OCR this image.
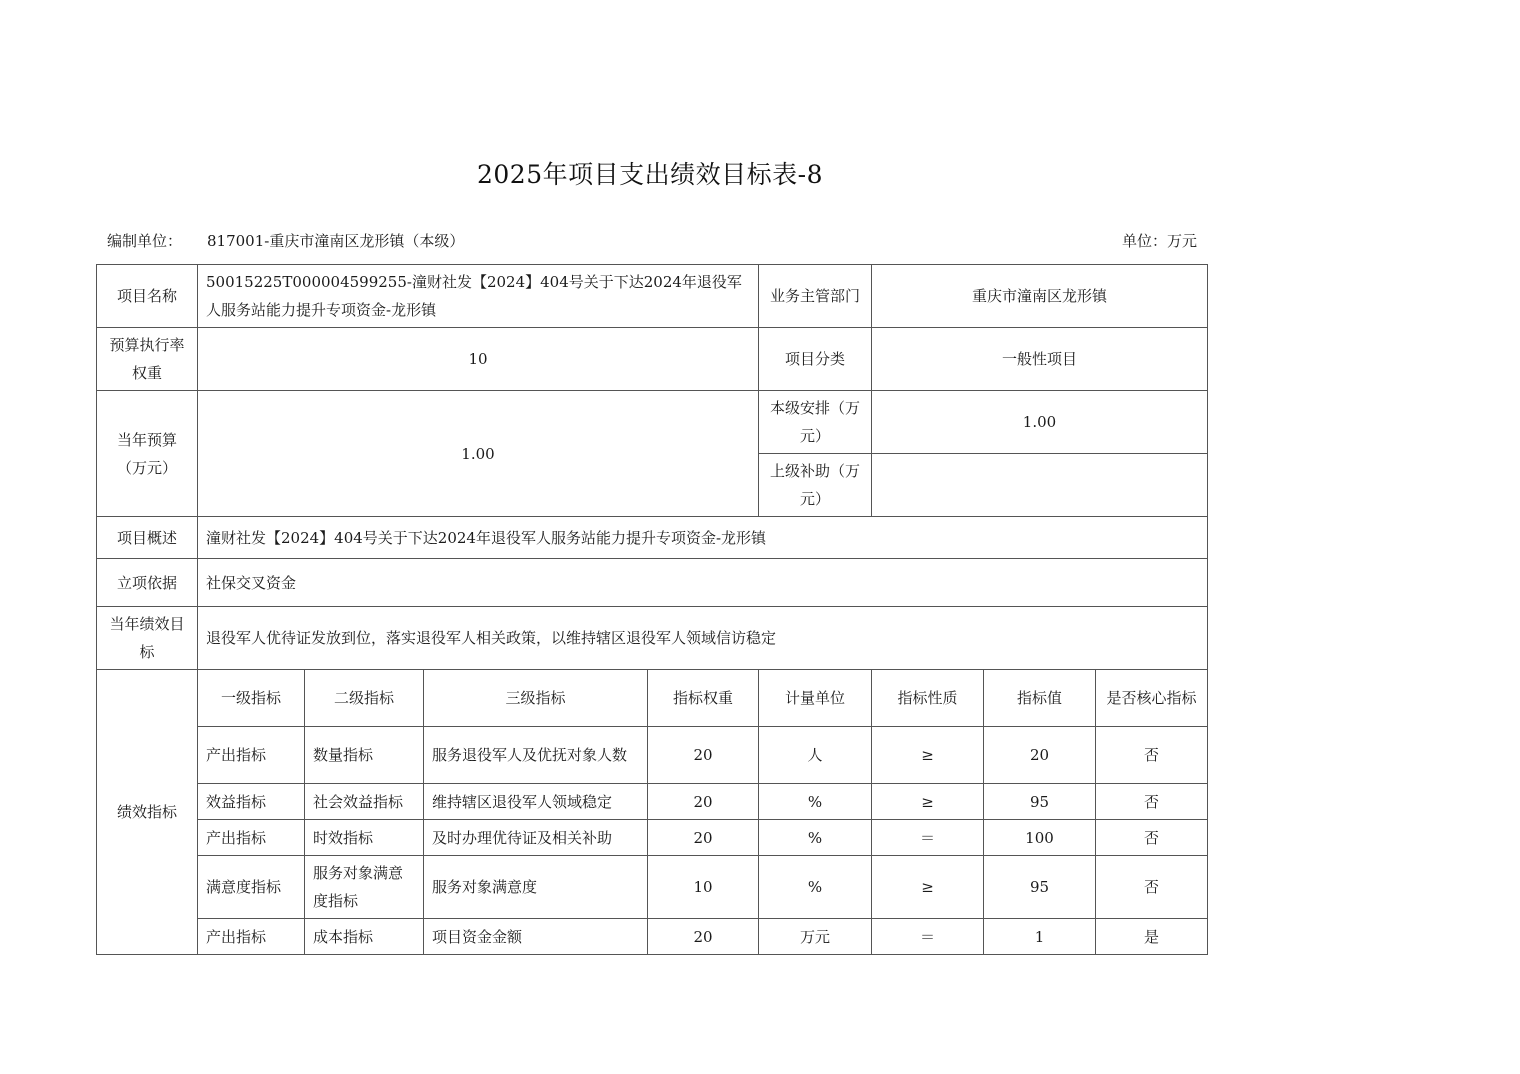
2025年项目支出绩效目标表-8
编制单位： 817001-重庆市潼南区龙形镇（本级）	单位：万元
项目名称	50015225T000004599255-潼财社发【2024】404号关于下达2024年退役军人服务站能力提升专项资金-龙形镇				业务主管部门	重庆市潼南区龙形镇		
预算执行率权重	10				项目分类	一般性项目		
当年预算（万元）	1.00				本级安排（万元）	1.00		
					上级补助（万元）			
项目概述	潼财社发【2024】404号关于下达2024年退役军人服务站能力提升专项资金-龙形镇							
立项依据	社保交叉资金							
当年绩效目标	退役军人优待证发放到位，落实退役军人相关政策，以维持辖区退役军人领域信访稳定							
绩效指标	一级指标	二级指标	三级指标	指标权重	计量单位	指标性质	指标值	是否核心指标
	产出指标	数量指标	服务退役军人及优抚对象人数	20	人	≥	20	否
	效益指标	社会效益指标	维持辖区退役军人领域稳定	20	%	≥	95	否
	产出指标	时效指标	及时办理优待证及相关补助	20	%	＝	100	否
	满意度指标	服务对象满意度指标	服务对象满意度	10	%	≥	95	否
	产出指标	成本指标	项目资金金额	20	万元	＝	1	是
